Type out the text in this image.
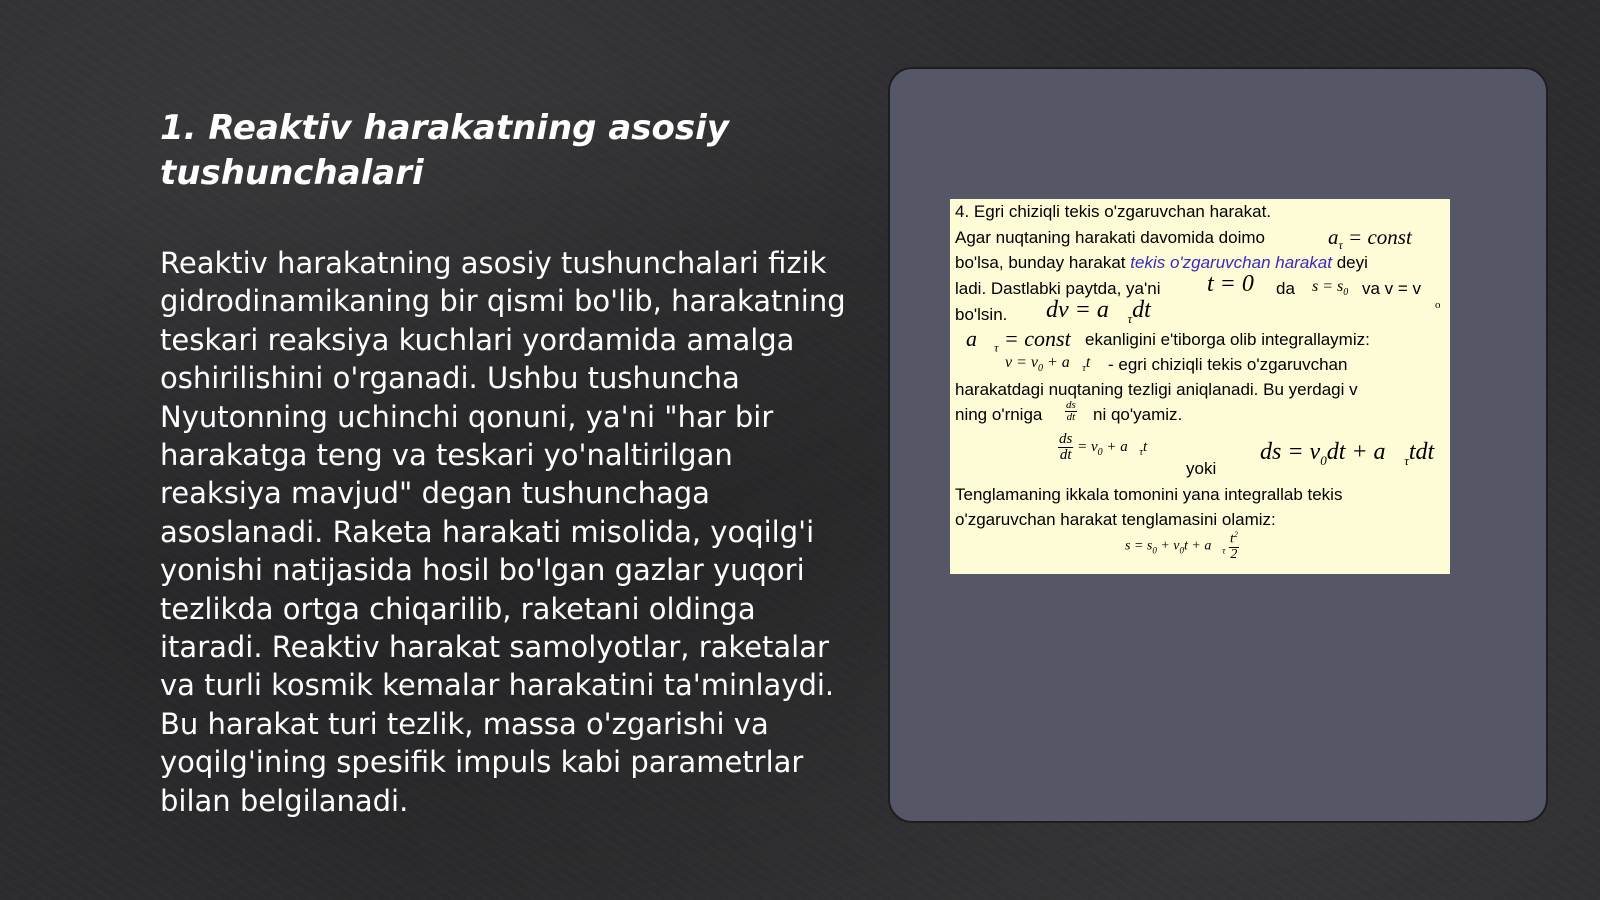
1. Reaktiv harakatning asosiy
tushunchalari

Reaktiv harakatning asosiy tushunchalari fizik gidrodinamikaning bir qismi bo'lib, harakatning teskari reaksiya kuchlari yordamida amalga oshirilishini o'rganadi. Ushbu tushuncha Nyutonning uchinchi qonuni, ya'ni "har bir harakatga teng va teskari yo'naltirilgan reaksiya mavjud" degan tushunchaga asoslanadi. Raketa harakati misolida, yoqilg'i yonishi natijasida hosil bo'lgan gazlar yuqori tezlikda ortga chiqarilib, raketani oldinga itaradi. Reaktiv harakat samolyotlar, raketalar va turli kosmik kemalar harakatini ta'minlaydi. Bu harakat turi tezlik, massa o'zgarishi va yoqilg'ining spesifik impuls kabi parametrlar bilan belgilanadi.

4. Egri chiziqli tekis o'zgaruvchan harakat.
Agar nuqtaning harakati davomida doimo	$a_\tau$ = const
bo'lsa, bunday harakat tekis o'zgaruvchan harakat deyi
ladi. Dastlabki paytda, ya'ni t = 0 da $s = s_0$ va v = v
o
bo'lsin. dv = $a⃗_\tau dt$
$a⃗_\tau$ = const ekanligini e'tiborga olib integrallaymiz:
$v = v_0$ + $a⃗_\tau t$ - egri chiziqli tekis o'zgaruvchan
harakatdagi nuqtaning tezligi aniqlanadi. Bu yerdagi v
ning o'rniga $\frac{ds}{dt}$ ni qo'yamiz.
$\frac{ds}{dt} = v_0$ + $a⃗_\tau t$
yoki
ds = $v_0dt$ + $a⃗_\tau tdt$
Tenglamaning ikkala tomonini yana integrallab tekis
o'zgaruvchan harakat tenglamasini olamiz:
$s = s_0 + v_0t$ + $a⃗_\tau \frac{t^2}{2}$
